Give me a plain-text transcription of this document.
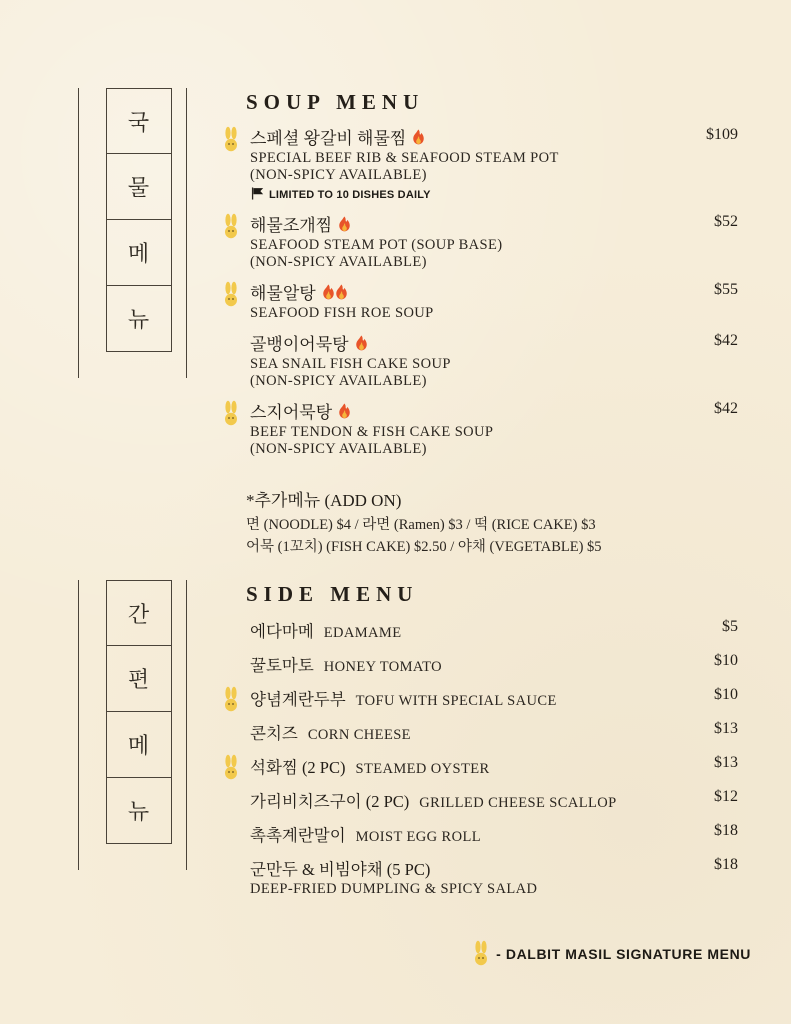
국
물
메
뉴
SOUP MENU
스페셜 왕갈비 해물찜	$109
SPECIAL BEEF RIB & SEAFOOD STEAM POT
(NON-SPICY AVAILABLE)
LIMITED TO 10 DISHES DAILY
해물조개찜	$52
SEAFOOD STEAM POT (SOUP BASE)
(NON-SPICY AVAILABLE)
해물알탕	$55
SEAFOOD FISH ROE SOUP
골뱅이어묵탕	$42
SEA SNAIL FISH CAKE SOUP
(NON-SPICY AVAILABLE)
스지어묵탕	$42
BEEF TENDON & FISH CAKE SOUP
(NON-SPICY AVAILABLE)
*추가메뉴 (ADD ON)
면 (NOODLE) $4 / 라면 (Ramen) $3 / 떡 (RICE CAKE) $3
어묵 (1꼬치) (FISH CAKE) $2.50 / 야채 (VEGETABLE) $5
간
편
메
뉴
SIDE MENU
에다마메 EDAMAME	$5
꿀토마토 HONEY TOMATO	$10
양념계란두부 TOFU WITH SPECIAL SAUCE	$10
콘치즈 CORN CHEESE	$13
석화찜 (2 PC) STEAMED OYSTER	$13
가리비치즈구이 (2 PC) GRILLED CHEESE SCALLOP	$12
촉촉계란말이 MOIST EGG ROLL	$18
군만두 & 비빔야채 (5 PC)	$18
DEEP-FRIED DUMPLING & SPICY SALAD
- DALBIT MASIL SIGNATURE MENU
